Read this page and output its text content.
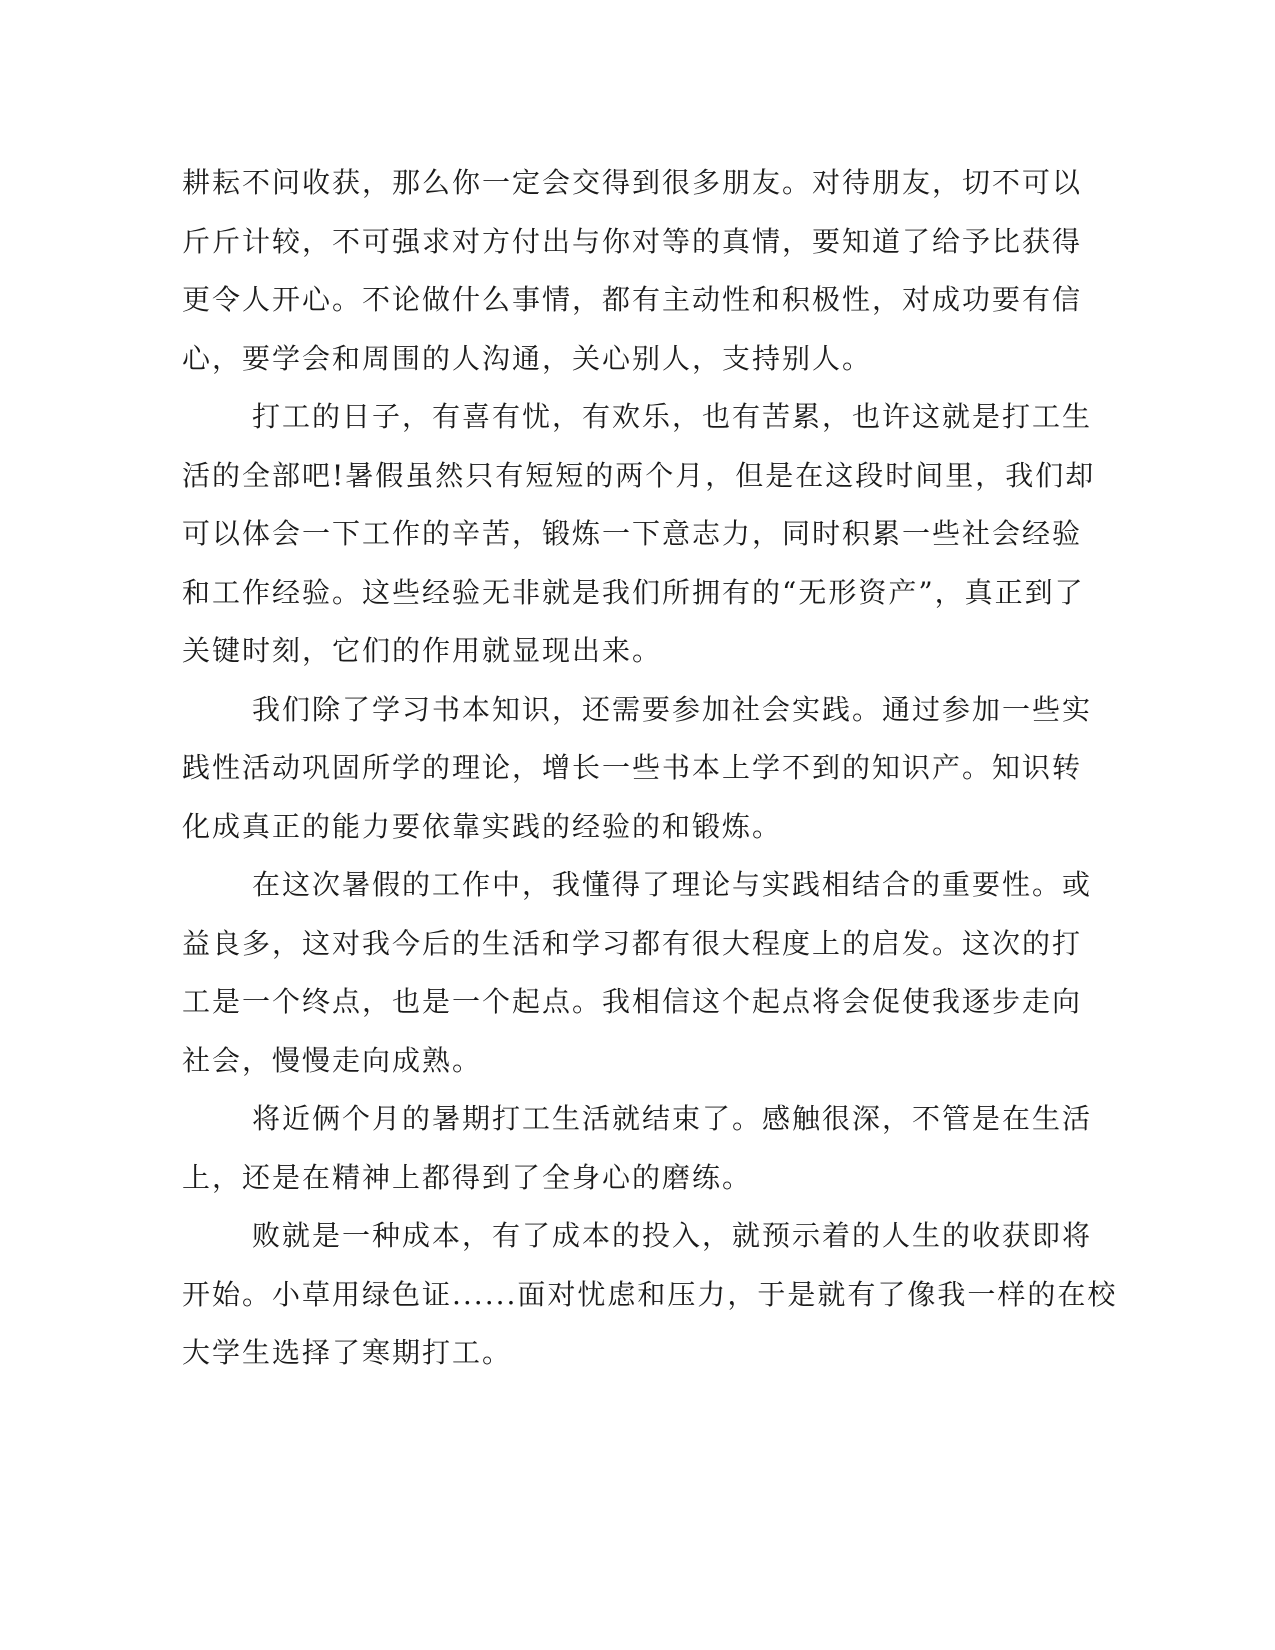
耕耘不问收获，那么你一定会交得到很多朋友。对待朋友，切不可以

斤斤计较，不可强求对方付出与你对等的真情，要知道了给予比获得

更令人开心。不论做什么事情，都有主动性和积极性，对成功要有信

心，要学会和周围的人沟通，关心别人，支持别人。

打工的日子，有喜有忧，有欢乐，也有苦累，也许这就是打工生

活的全部吧!暑假虽然只有短短的两个月，但是在这段时间里，我们却

可以体会一下工作的辛苦，锻炼一下意志力，同时积累一些社会经验

和工作经验。这些经验无非就是我们所拥有的“无形资产”，真正到了

关键时刻，它们的作用就显现出来。

我们除了学习书本知识，还需要参加社会实践。通过参加一些实

践性活动巩固所学的理论，增长一些书本上学不到的知识产。知识转

化成真正的能力要依靠实践的经验的和锻炼。

在这次暑假的工作中，我懂得了理论与实践相结合的重要性。或

益良多，这对我今后的生活和学习都有很大程度上的启发。这次的打

工是一个终点，也是一个起点。我相信这个起点将会促使我逐步走向

社会，慢慢走向成熟。

将近俩个月的暑期打工生活就结束了。感触很深，不管是在生活

上，还是在精神上都得到了全身心的磨练。

败就是一种成本，有了成本的投入，就预示着的人生的收获即将

开始。小草用绿色证......面对忧虑和压力，于是就有了像我一样的在校

大学生选择了寒期打工。
